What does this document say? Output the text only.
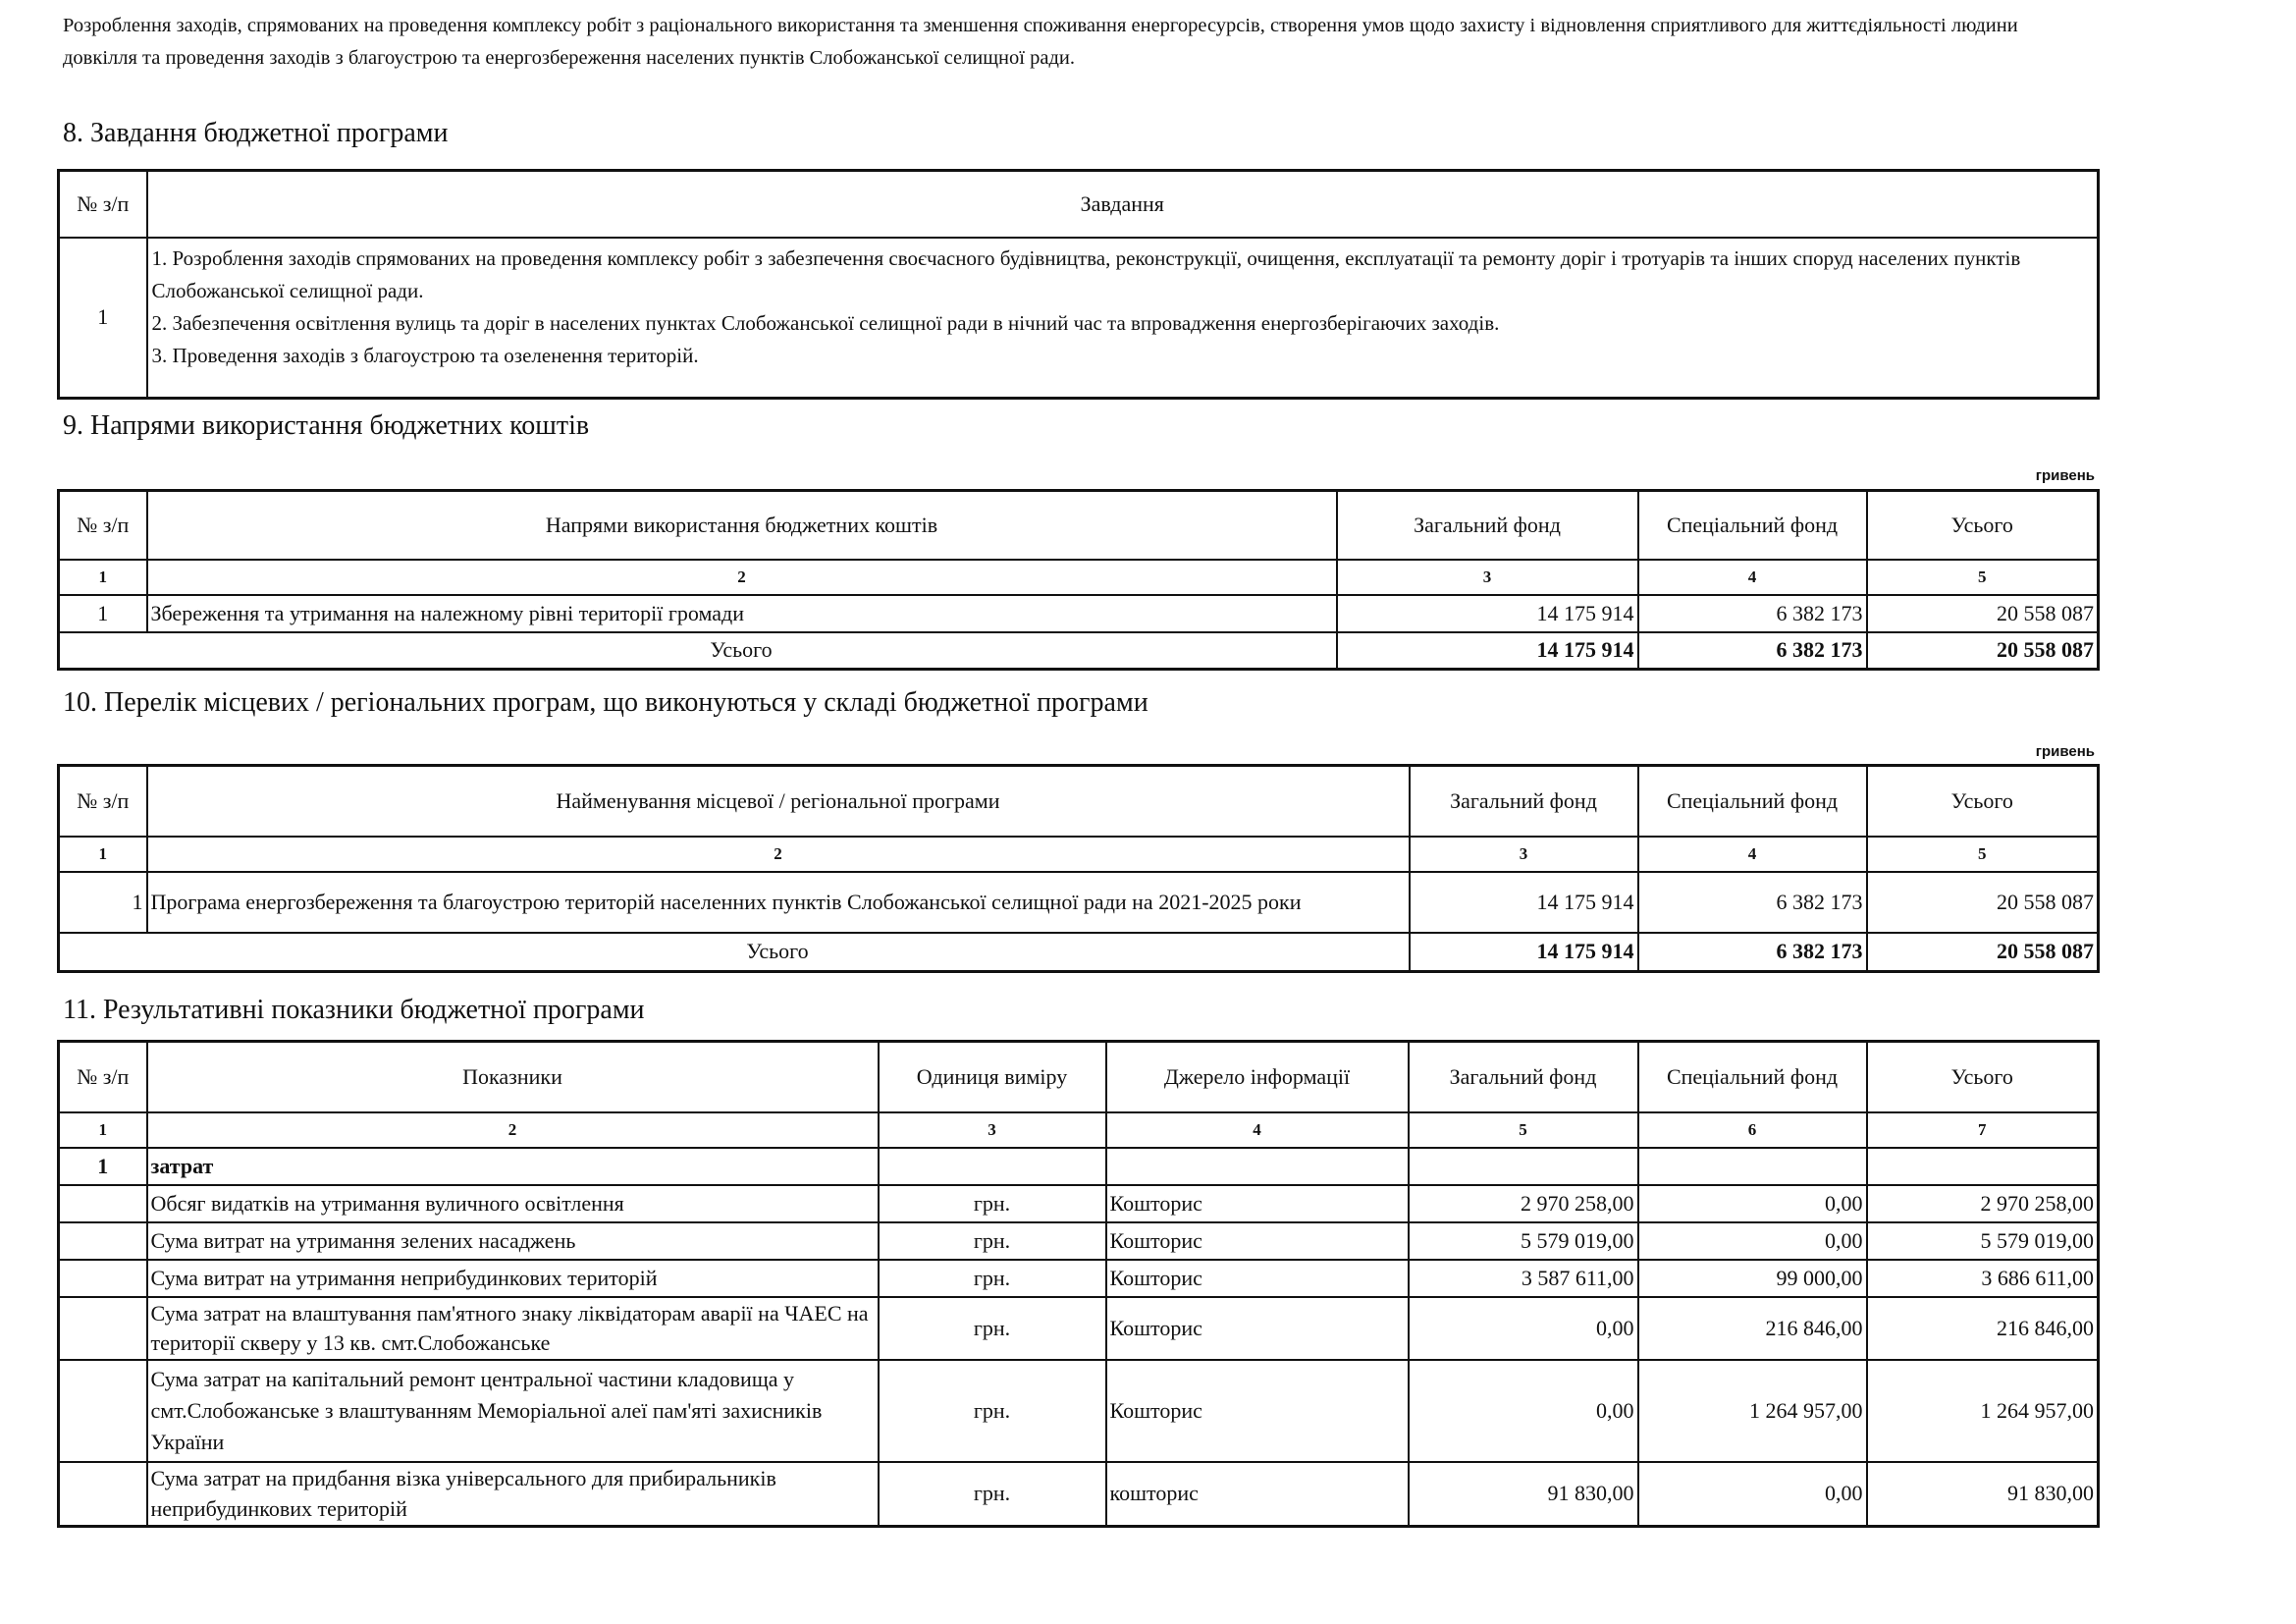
Розроблення заходів, спрямованих на проведення комплексу робіт з раціонального використання та зменшення споживання енергоресурсів, створення умов щодо захисту і відновлення сприятливого для життєдіяльності людини довкілля та проведення заходів з благоустрою та енергозбереження населених пунктів Слобожанської селищної ради.
8. Завдання бюджетної програми
№ з/п	Завдання
1	1. Розроблення заходів спрямованих на проведення комплексу робіт з забезпечення своєчасного будівництва, реконструкції, очищення, експлуатації та ремонту доріг і тротуарів та інших споруд населених пунктів Слобожанської селищної ради.
2. Забезпечення освітлення вулиць та доріг в населених пунктах Слобожанської селищної ради в нічний час та впровадження енергозберігаючих заходів.
3. Проведення заходів з благоустрою та озеленення територій.
9. Напрями використання бюджетних коштів
гривень
№ з/п	Напрями використання бюджетних коштів	Загальний фонд	Спеціальний фонд	Усього
1	2	3	4	5
1	Збереження та утримання на належному рівні території громади	14 175 914	6 382 173	20 558 087
	Усього	14 175 914	6 382 173	20 558 087
10. Перелік місцевих / регіональних програм, що виконуються у складі бюджетної програми
гривень
№ з/п	Найменування місцевої / регіональної програми	Загальний фонд	Спеціальний фонд	Усього
1	2	3	4	5
1	Програма енергозбереження та благоустрою територій населенних пунктів Слобожанської селищної ради на 2021-2025 роки	14 175 914	6 382 173	20 558 087
	Усього	14 175 914	6 382 173	20 558 087
11. Результативні показники бюджетної програми
№ з/п	Показники	Одиниця виміру	Джерело інформації	Загальний фонд	Спеціальний фонд	Усього
1	2	3	4	5	6	7
1	затрат					
	Обсяг видатків на утримання вуличного освітлення	грн.	Кошторис	2 970 258,00	0,00	2 970 258,00
	Сума витрат на утримання зелених насаджень	грн.	Кошторис	5 579 019,00	0,00	5 579 019,00
	Сума витрат на утримання неприбудинкових територій	грн.	Кошторис	3 587 611,00	99 000,00	3 686 611,00
	Сума затрат на влаштування пам'ятного знаку ліквідаторам аварії на ЧАЕС на території скверу у 13 кв. смт.Слобожанське	грн.	Кошторис	0,00	216 846,00	216 846,00
	Сума затрат на капітальний ремонт центральної частини кладовища у смт.Слобожанське з влаштуванням Меморіальної алеї пам'яті захисників України	грн.	Кошторис	0,00	1 264 957,00	1 264 957,00
	Сума затрат на придбання візка універсального для прибиральників неприбудинкових територій	грн.	кошторис	91 830,00	0,00	91 830,00
